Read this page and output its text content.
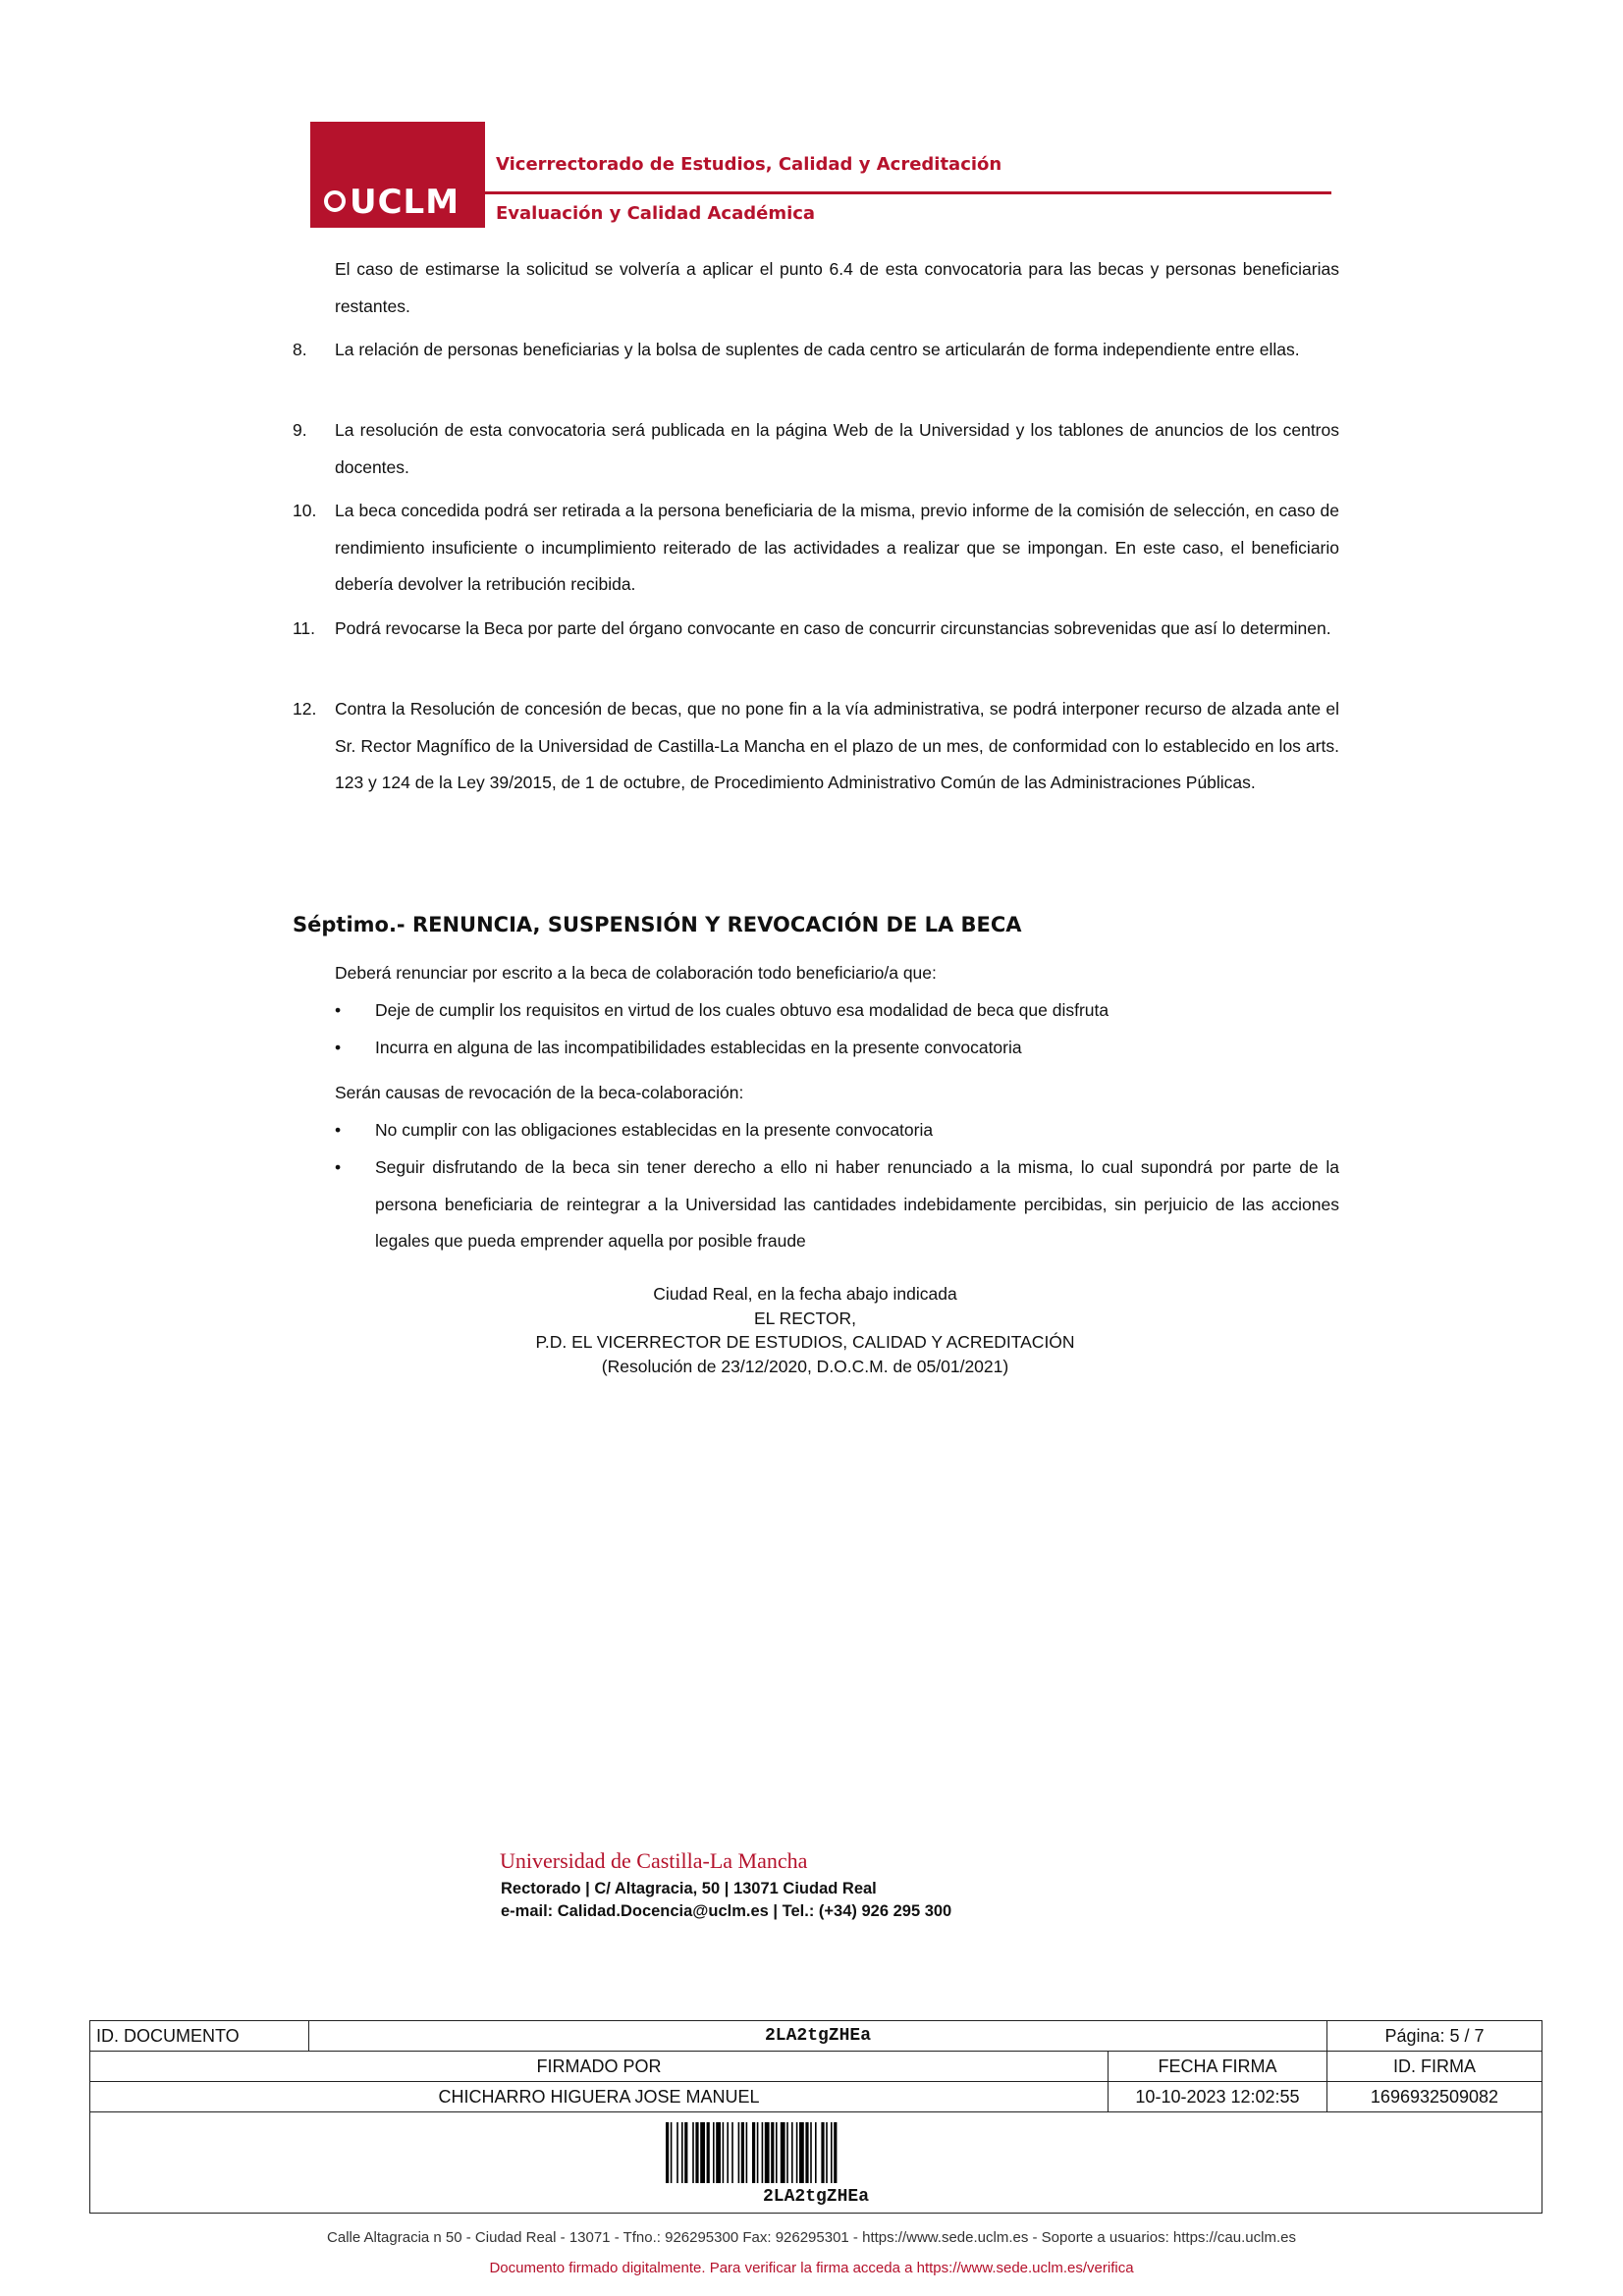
UCLM
Vicerrectorado de Estudios, Calidad y Acreditación
Evaluación y Calidad Académica
El caso de estimarse la solicitud se volvería a aplicar el punto 6.4 de esta convocatoria para las becas y personas beneficiarias restantes.
8.	La relación de personas beneficiarias y la bolsa de suplentes de cada centro se articularán de forma independiente entre ellas.
9.	La resolución de esta convocatoria será publicada en la página Web de la Universidad y los tablones de anuncios de los centros docentes.
10.	La beca concedida podrá ser retirada a la persona beneficiaria de la misma, previo informe de la comisión de selección, en caso de rendimiento insuficiente o incumplimiento reiterado de las actividades a realizar que se impongan. En este caso, el beneficiario debería devolver la retribución recibida.
11.	Podrá revocarse la Beca por parte del órgano convocante en caso de concurrir circunstancias sobrevenidas que así lo determinen.
12.	Contra la Resolución de concesión de becas, que no pone fin a la vía administrativa, se podrá interponer recurso de alzada ante el Sr. Rector Magnífico de la Universidad de Castilla-La Mancha en el plazo de un mes, de conformidad con lo establecido en los arts. 123 y 124 de la Ley 39/2015, de 1 de octubre, de Procedimiento Administrativo Común de las Administraciones Públicas.
Séptimo.- RENUNCIA, SUSPENSIÓN Y REVOCACIÓN DE LA BECA
Deberá renunciar por escrito a la beca de colaboración todo beneficiario/a que:
• Deje de cumplir los requisitos en virtud de los cuales obtuvo esa modalidad de beca que disfruta
• Incurra en alguna de las incompatibilidades establecidas en la presente convocatoria
Serán causas de revocación de la beca-colaboración:
• No cumplir con las obligaciones establecidas en la presente convocatoria
• Seguir disfrutando de la beca sin tener derecho a ello ni haber renunciado a la misma, lo cual supondrá por parte de la persona beneficiaria de reintegrar a la Universidad las cantidades indebidamente percibidas, sin perjuicio de las acciones legales que pueda emprender aquella por posible fraude
Ciudad Real, en la fecha abajo indicada
EL RECTOR,
P.D. EL VICERRECTOR DE ESTUDIOS, CALIDAD Y ACREDITACIÓN
(Resolución de 23/12/2020, D.O.C.M. de 05/01/2021)
Universidad de Castilla-La Mancha
Rectorado | C/ Altagracia, 50 | 13071 Ciudad Real
e-mail: Calidad.Docencia@uclm.es | Tel.: (+34) 926 295 300
ID. DOCUMENTO	2LA2tgZHEa		Página: 5 / 7
FIRMADO POR		FECHA FIRMA	ID. FIRMA
CHICHARRO HIGUERA JOSE MANUEL		10-10-2023 12:02:55	1696932509082

2LA2tgZHEa			
Calle Altagracia n 50 - Ciudad Real - 13071 - Tfno.: 926295300 Fax: 926295301 - https://www.sede.uclm.es - Soporte a usuarios: https://cau.uclm.es
Documento firmado digitalmente. Para verificar la firma acceda a https://www.sede.uclm.es/verifica
